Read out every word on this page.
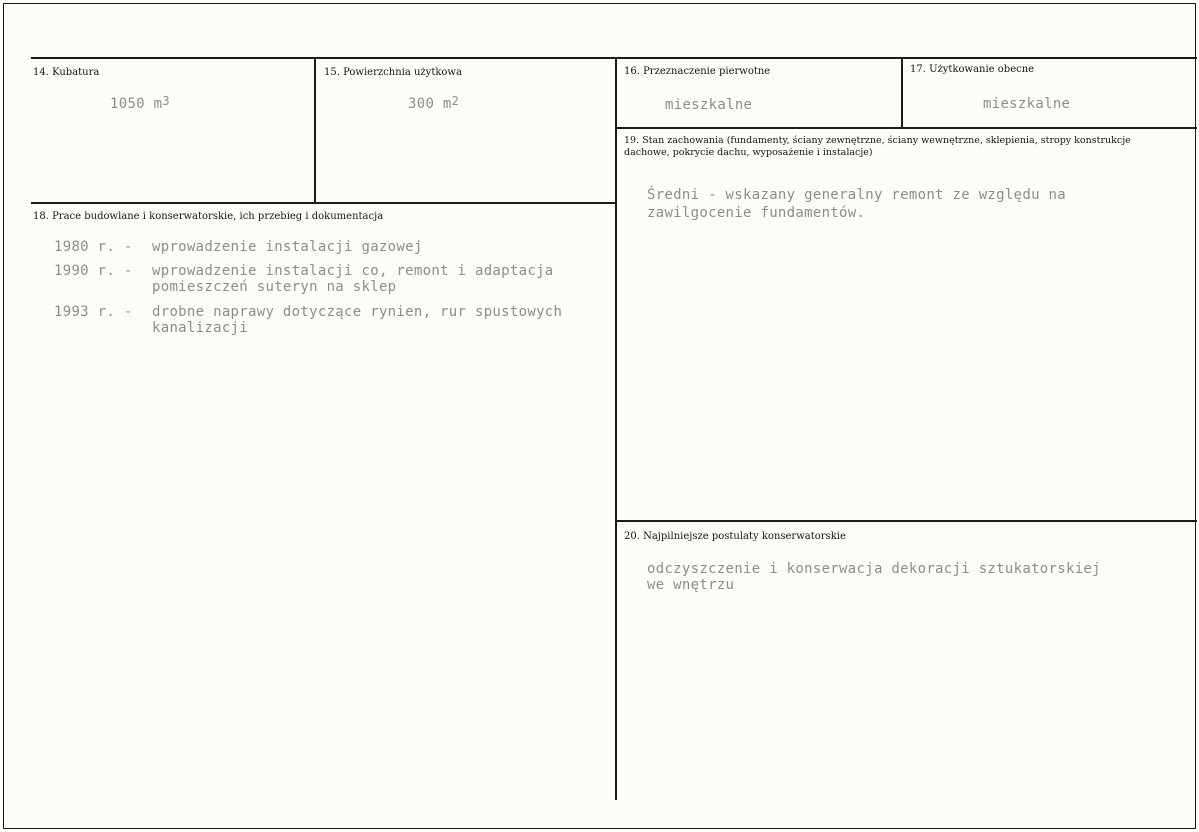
14. Kubatura
1050 $m^3$
15. Powierzchnia użytkowa
300 $m^2$
16. Przeznaczenie pierwotne
mieszkalne
17. Użytkowanie obecne
mieszkalne
18. Prace budowlane i konserwatorskie, ich przebieg i dokumentacja
1980 r. - wprowadzenie instalacji gazowej
1990 r. - wprowadzenie instalacji co, remont i adaptacja
pomieszczeń suteryn na sklep
1993 r. - drobne naprawy dotyczące rynien, rur spustowych
kanalizacji
19. Stan zachowania (fundamenty, ściany zewnętrzne, ściany wewnętrzne, sklepienia, stropy konstrukcje dachowe, pokrycie dachu, wyposażenie i instalacje)
Średni - wskazany generalny remont ze względu na
zawilgocenie fundamentów.
20. Najpilniejsze postulaty konserwatorskie
odczyszczenie i konserwacja dekoracji sztukatorskiej
we wnętrzu
